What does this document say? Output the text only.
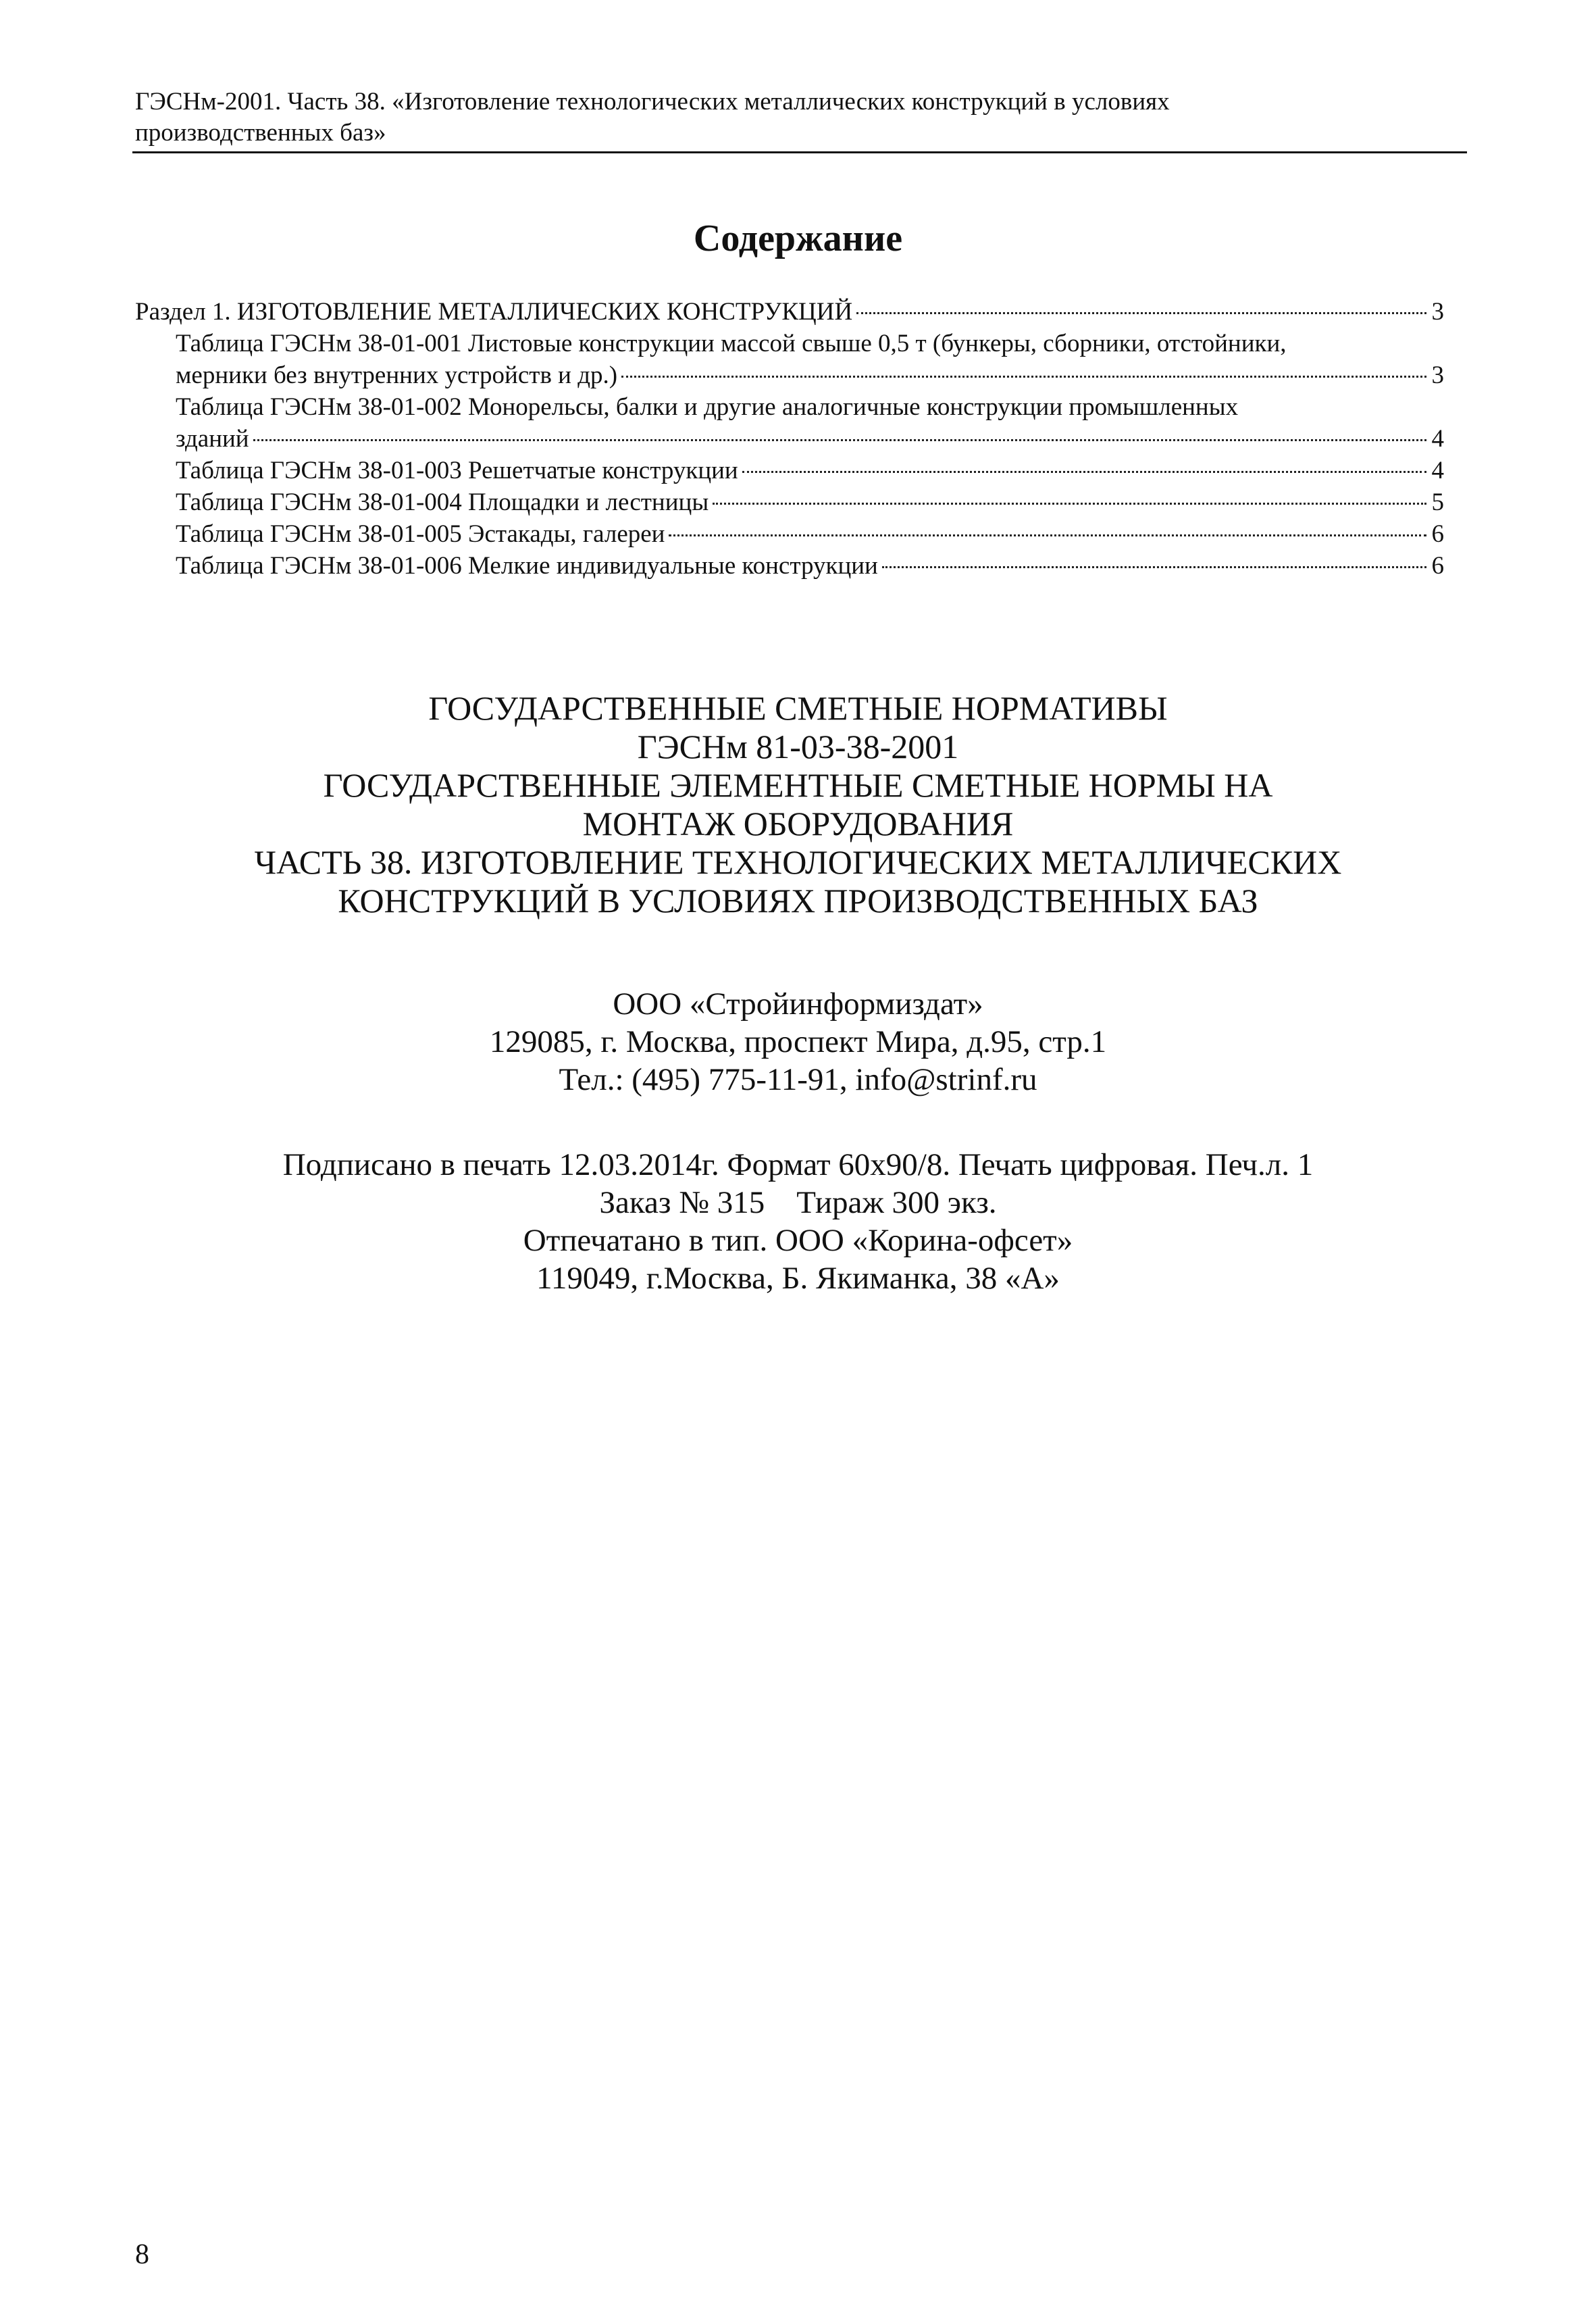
ГЭСНм-2001. Часть 38. «Изготовление технологических металлических конструкций в условиях
производственных баз»
Содержание
Раздел 1. ИЗГОТОВЛЕНИЕ МЕТАЛЛИЧЕСКИХ КОНСТРУКЦИЙ	3
Таблица ГЭСНм 38-01-001 Листовые конструкции массой свыше 0,5 т (бункеры, сборники, отстойники,
мерники без внутренних устройств и др.)	3
Таблица ГЭСНм 38-01-002 Монорельсы, балки и другие аналогичные конструкции промышленных
зданий	4
Таблица ГЭСНм 38-01-003 Решетчатые конструкции	4
Таблица ГЭСНм 38-01-004 Площадки и лестницы	5
Таблица ГЭСНм 38-01-005 Эстакады, галереи	6
Таблица ГЭСНм 38-01-006 Мелкие индивидуальные конструкции	6
ГОСУДАРСТВЕННЫЕ СМЕТНЫЕ НОРМАТИВЫ
ГЭСНм 81-03-38-2001
ГОСУДАРСТВЕННЫЕ ЭЛЕМЕНТНЫЕ СМЕТНЫЕ НОРМЫ НА
МОНТАЖ ОБОРУДОВАНИЯ
ЧАСТЬ 38. ИЗГОТОВЛЕНИЕ ТЕХНОЛОГИЧЕСКИХ МЕТАЛЛИЧЕСКИХ
КОНСТРУКЦИЙ В УСЛОВИЯХ ПРОИЗВОДСТВЕННЫХ БАЗ
ООО «Стройинформиздат»
129085, г. Москва, проспект Мира, д.95, стр.1
Тел.: (495) 775-11-91, info@strinf.ru
Подписано в печать 12.03.2014г. Формат 60х90/8. Печать цифровая. Печ.л. 1
Заказ № 315    Тираж 300 экз.
Отпечатано в тип. ООО «Корина-офсет»
119049, г.Москва, Б. Якиманка, 38 «А»
8
